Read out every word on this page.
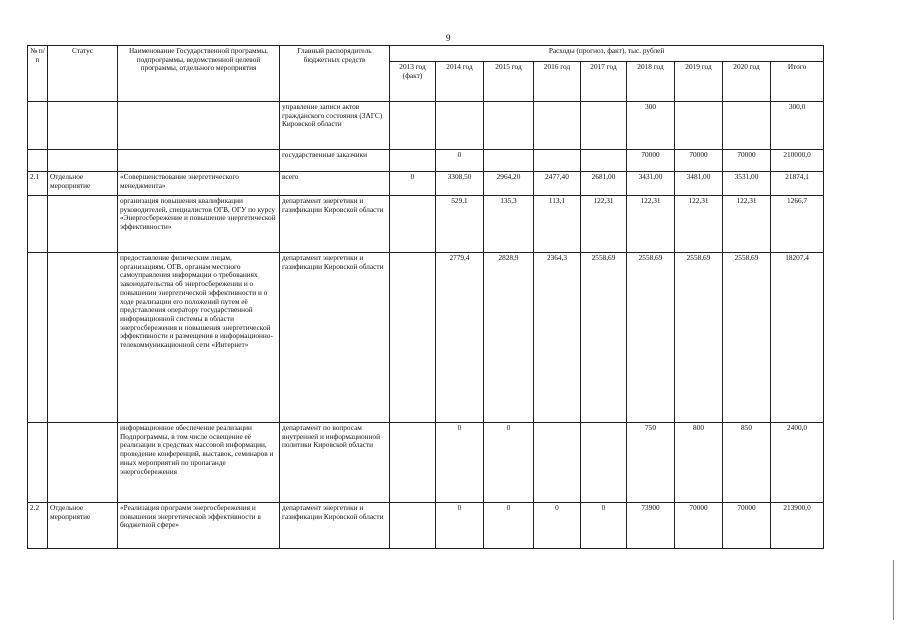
9
№ п/п	Статус	Наименование Государственной программы, подпрограммы, ведомственной целевой программы, отдельного мероприятия	Главный распорядитель бюджетных средств	Расходы (прогноз, факт), тыс. рублей								
				2013 год (факт)	2014 год	2015 год	2016 год	2017 год	2018 год	2019 год	2020 год	Итого
			управление записи актов гражданского состояния (ЗАГС) Кировской области						300			300,0
			государственные заказчики		0				70000	70000	70000	210000,0
2.1	Отдельное мероприятие	«Совершенствование энергетического менеджмента»	всего	0	3308,50	2964,20	2477,40	2681,00	3431,00	3481,00	3531,00	21874,1
		организация повышения квалификации руководителей, специалистов ОГВ, ОГУ по курсу «Энергосбережение и повышение энергетической эффективности»	департамент энергетики и газификации Кировской области		529,1	135,3	113,1	122,31	122,31	122,31	122,31	1266,7
		предоставление физическим лицам, организациям, ОГВ, органам местного самоуправления информации о требованиях законодательства об энергосбережении и о повышении энергетической эффективности и о ходе реализации его положений путем её представления оператору государственной информационной системы в области энергосбережения и повышения энергетической эффективности и размещения в информационно-телекоммуникационной сети «Интернет»	департамент энергетики и газификации Кировской области		2779,4	2828,9	2364,3	2558,69	2558,69	2558,69	2558,69	18207,4
		информационное обеспечение реализации Подпрограммы, в том числе освещение её реализации в средствах массовой информации, проведение конференций, выставок, семинаров и иных мероприятий по пропаганде энергосбережения	департамент по вопросам внутренней и информационной политики Кировской области		0	0			750	800	850	2400,0
2.2	Отдельное мероприятие	«Реализация программ энергосбережения и повышения энергетической эффективности в бюджетной сфере»	департамент энергетики и газификации Кировской области		0	0	0	0	73900	70000	70000	213900,0
